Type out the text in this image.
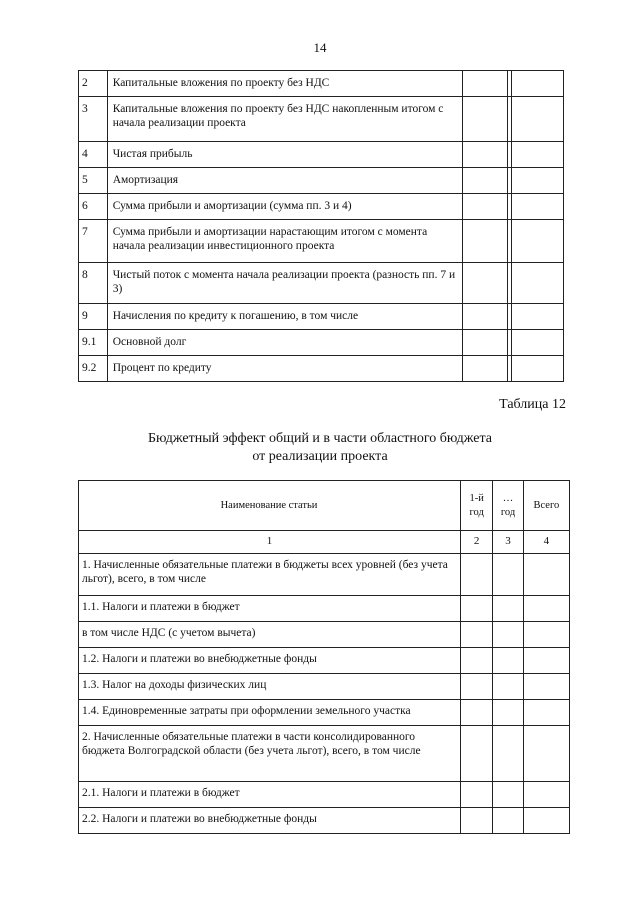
14
2	Капитальные вложения по проекту без НДС			
3	Капитальные вложения по проекту без НДС накопленным итогом с начала реализации проекта			
4	Чистая прибыль			
5	Амортизация			
6	Сумма прибыли и амортизации (сумма пп. 3 и 4)			
7	Сумма прибыли и амортизации нарастающим итогом с момента начала реализации инвестиционного проекта			
8	Чистый поток с момента начала реализации проекта (разность пп. 7 и 3)			
9	Начисления по кредиту к погашению, в том числе			
9.1	Основной долг			
9.2	Процент по кредиту			
Таблица 12
Бюджетный эффект общий и в части областного бюджета
от реализации проекта
Наименование статьи	1-й год	… год	Всего
1	2	3	4
1. Начисленные обязательные платежи в бюджеты всех уровней (без учета льгот), всего, в том числе			
1.1. Налоги и платежи в бюджет			
в том числе НДС (с учетом вычета)			
1.2. Налоги и платежи во внебюджетные фонды			
1.3. Налог на доходы физических лиц			
1.4. Единовременные затраты при оформлении земельного участка			
2. Начисленные обязательные платежи в части консолидированного бюджета Волгоградской области (без учета льгот), всего, в том числе			
2.1. Налоги и платежи в бюджет			
2.2. Налоги и платежи во внебюджетные фонды			
